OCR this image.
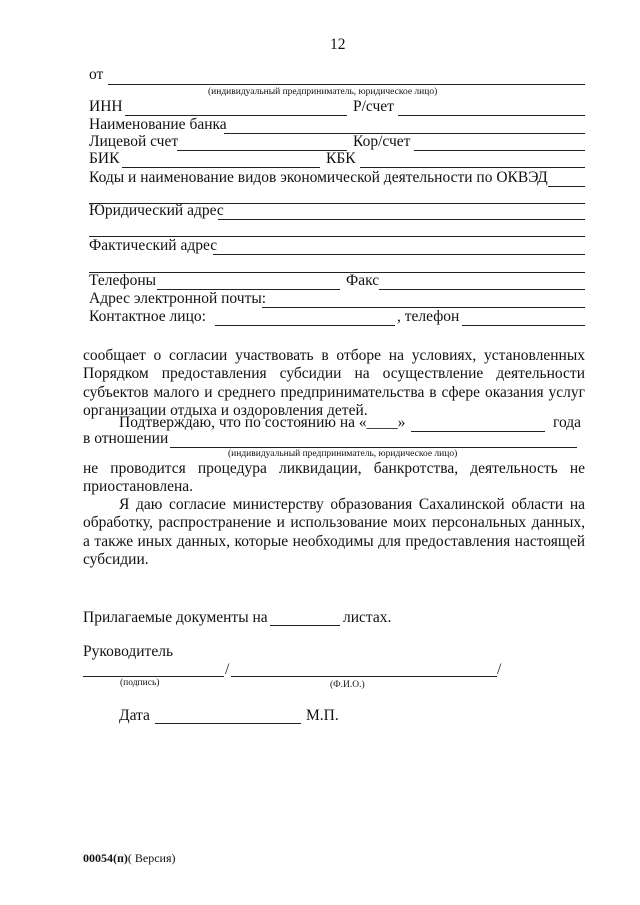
12
от
(индивидуальный предприниматель, юридическое лицо)
ИНН	Р/счет
Наименование банка
Лицевой счет	Кор/счет
БИК	КБК
Коды и наименование видов экономической деятельности по ОКВЭД
Юридический адрес
Фактический адрес
Телефоны	Факс
Адрес электронной почты:
Контактное лицо:	, телефон
сообщает о согласии участвовать в отборе на условиях, установленных Порядком предоставления субсидии на осуществление деятельности субъектов малого и среднего предпринимательства в сфере оказания услуг организации отдыха и оздоровления детей.
Подтверждаю, что по состоянию на «____»	года
в отношении
(индивидуальный предприниматель, юридическое лицо)
не проводится процедура ликвидации, банкротства, деятельность не приостановлена.
Я даю согласие министерству образования Сахалинской области на обработку, распространение и использование моих персональных данных, а также иных данных, которые необходимы для предоставления настоящей субсидии.
Прилагаемые документы на	листах.
Руководитель
/	/
(подпись)	(Ф.И.О.)
Дата	М.П.
00054(п)( Версия)
